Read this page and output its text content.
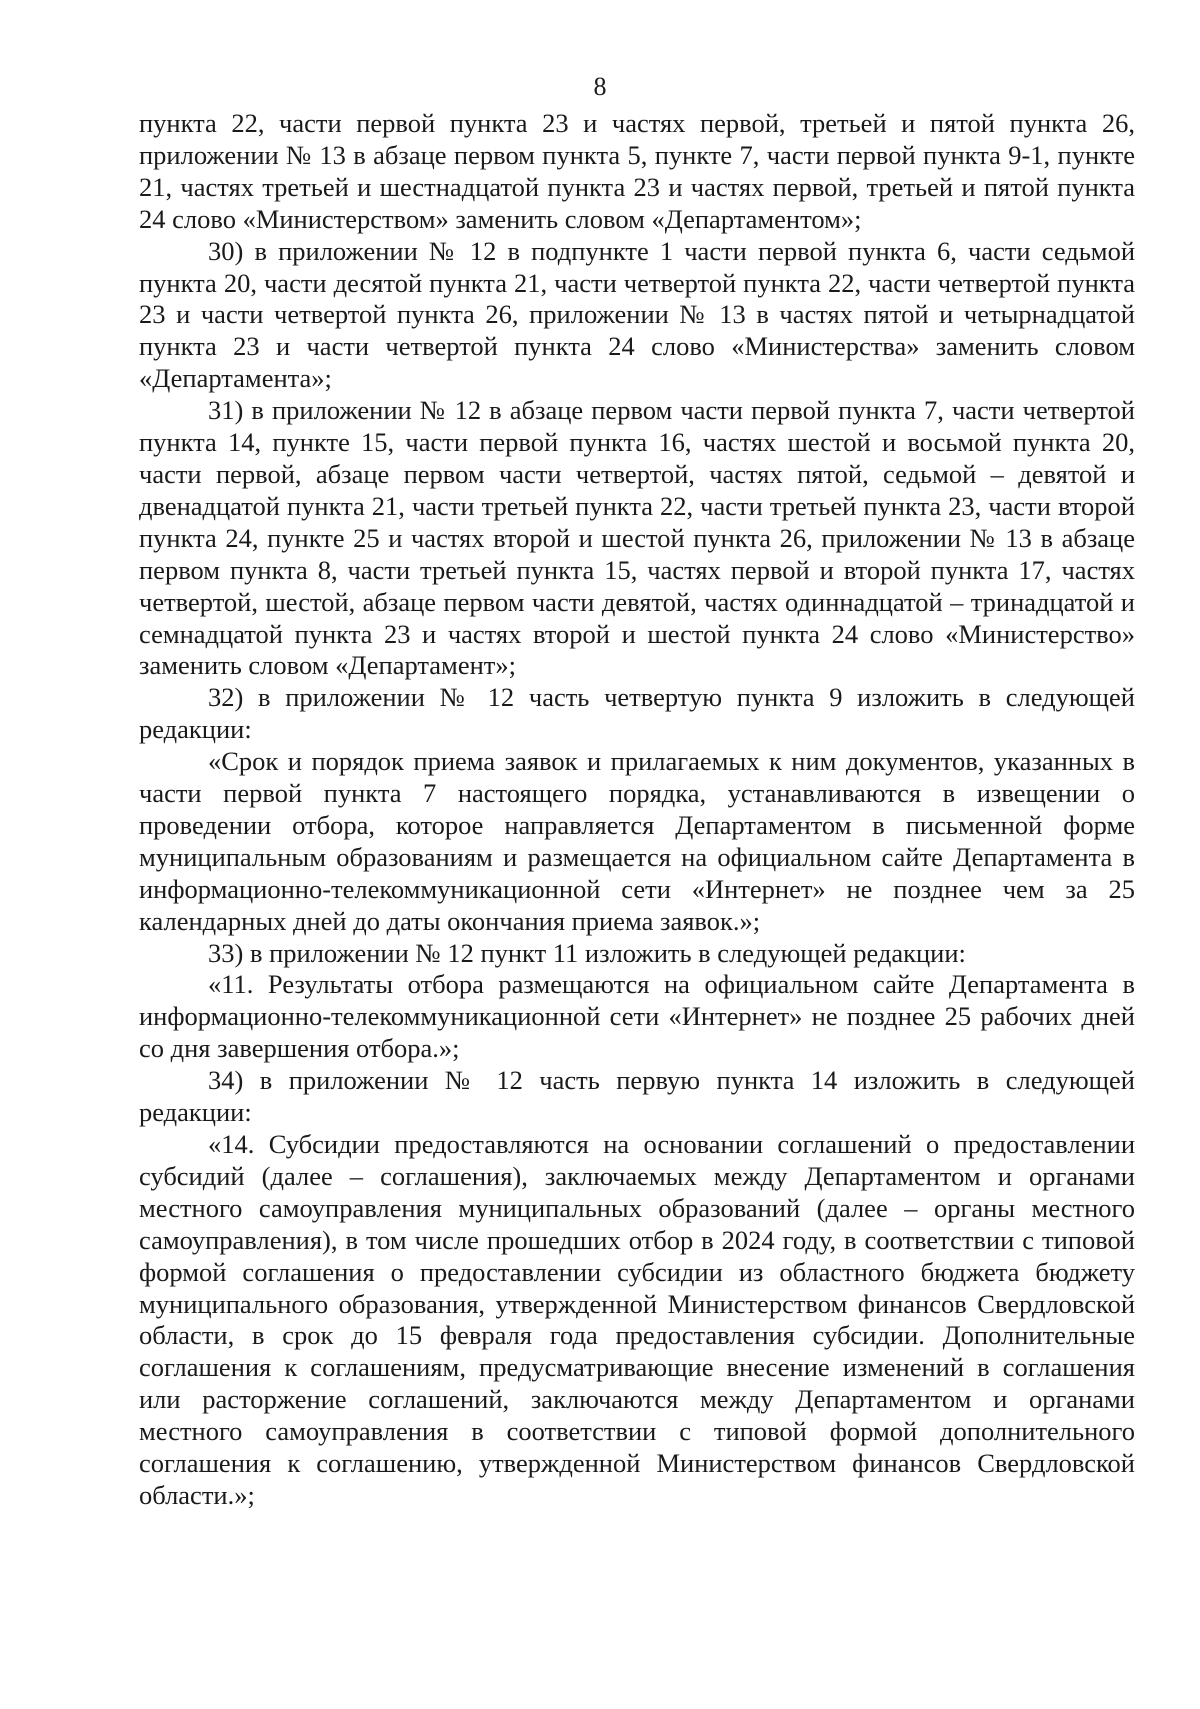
8

пункта 22, части первой пункта 23 и частях первой, третьей и пятой пункта 26, приложении № 13 в абзаце первом пункта 5, пункте 7, части первой пункта 9-1, пункте 21, частях третьей и шестнадцатой пункта 23 и частях первой, третьей и пятой пункта 24 слово «Министерством» заменить словом «Департаментом»;

30) в приложении № 12 в подпункте 1 части первой пункта 6, части седьмой пункта 20, части десятой пункта 21, части четвертой пункта 22, части четвертой пункта 23 и части четвертой пункта 26, приложении № 13 в частях пятой и четырнадцатой пункта 23 и части четвертой пункта 24 слово «Министерства» заменить словом «Департамента»;

31) в приложении № 12 в абзаце первом части первой пункта 7, части четвертой пункта 14, пункте 15, части первой пункта 16, частях шестой и восьмой пункта 20, части первой, абзаце первом части четвертой, частях пятой, седьмой – девятой и двенадцатой пункта 21, части третьей пункта 22, части третьей пункта 23, части второй пункта 24, пункте 25 и частях второй и шестой пункта 26, приложении № 13 в абзаце первом пункта 8, части третьей пункта 15, частях первой и второй пункта 17, частях четвертой, шестой, абзаце первом части девятой, частях одиннадцатой – тринадцатой и семнадцатой пункта 23 и частях второй и шестой пункта 24 слово «Министерство» заменить словом «Департамент»;

32) в приложении № 12 часть четвертую пункта 9 изложить в следующей редакции:

«Срок и порядок приема заявок и прилагаемых к ним документов, указанных в части первой пункта 7 настоящего порядка, устанавливаются в извещении о проведении отбора, которое направляется Департаментом в письменной форме муниципальным образованиям и размещается на официальном сайте Департамента в информационно-телекоммуникационной сети «Интернет» не позднее чем за 25 календарных дней до даты окончания приема заявок.»;

33) в приложении № 12 пункт 11 изложить в следующей редакции:

«11. Результаты отбора размещаются на официальном сайте Департамента в информационно-телекоммуникационной сети «Интернет» не позднее 25 рабочих дней со дня завершения отбора.»;

34) в приложении № 12 часть первую пункта 14 изложить в следующей редакции:

«14. Субсидии предоставляются на основании соглашений о предоставлении субсидий (далее – соглашения), заключаемых между Департаментом и органами местного самоуправления муниципальных образований (далее – органы местного самоуправления), в том числе прошедших отбор в 2024 году, в соответствии с типовой формой соглашения о предоставлении субсидии из областного бюджета бюджету муниципального образования, утвержденной Министерством финансов Свердловской области, в срок до 15 февраля года предоставления субсидии. Дополнительные соглашения к соглашениям, предусматривающие внесение изменений в соглашения или расторжение соглашений, заключаются между Департаментом и органами местного самоуправления в соответствии с типовой формой дополнительного соглашения к соглашению, утвержденной Министерством финансов Свердловской области.»;
